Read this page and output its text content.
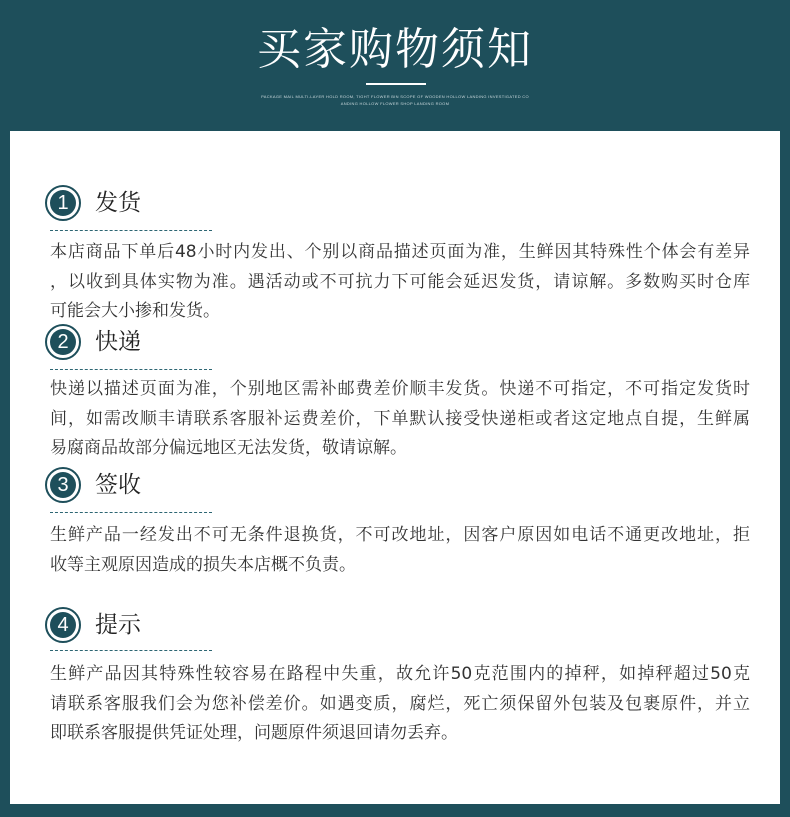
买家购物须知
PACKAGE MAIL MULTI-LAYER HOLD ROOM, TIGHT FLOWER BIN SCOPE OF WOODEN HOLLOW LANDING INVESTIGATED CO
ANDING HOLLOW FLOWER SHOP LANDING ROOM
1	发货
本店商品下单后48小时内发出、个别以商品描述页面为准，生鲜因其特殊性个体会有差异
，以收到具体实物为准。遇活动或不可抗力下可能会延迟发货，请谅解。多数购买时仓库
可能会大小掺和发货。
2	快递
快递以描述页面为准，个别地区需补邮费差价顺丰发货。快递不可指定，不可指定发货时
间，如需改顺丰请联系客服补运费差价，下单默认接受快递柜或者这定地点自提，生鲜属
易腐商品故部分偏远地区无法发货，敬请谅解。
3	签收
生鲜产品一经发出不可无条件退换货，不可改地址，因客户原因如电话不通更改地址，拒
收等主观原因造成的损失本店概不负责。
4	提示
生鲜产品因其特殊性较容易在路程中失重，故允许50克范围内的掉秤，如掉秤超过50克
请联系客服我们会为您补偿差价。如遇变质，腐烂，死亡须保留外包装及包裹原件，并立
即联系客服提供凭证处理，问题原件须退回请勿丢弃。
